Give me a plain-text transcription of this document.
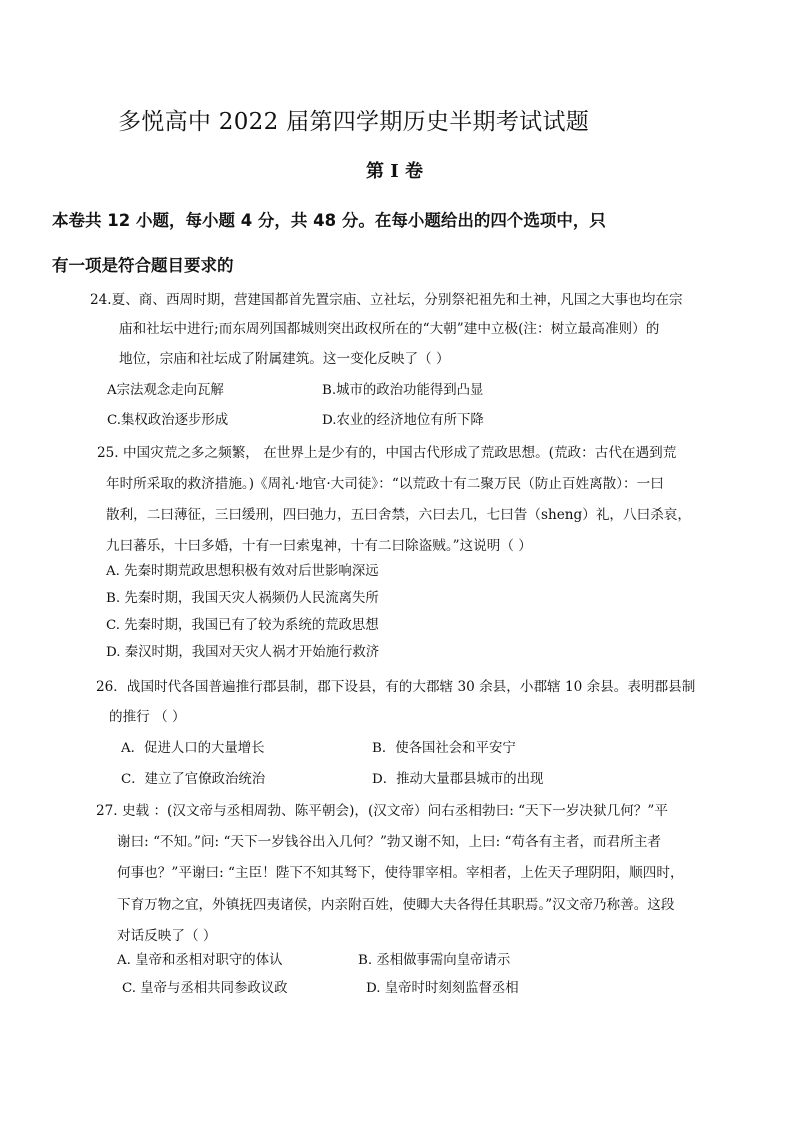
多悦高中 2022 届第四学期历史半期考试试题
第 I 卷
本卷共 12 小题，每小题 4 分，共 48 分。在每小题给出的四个选项中，只
有一项是符合题目要求的
24.夏、商、西周时期，营建国都首先置宗庙、立社坛，分别祭祀祖先和土神，凡国之大事也均在宗
庙和社坛中进行;而东周列国都城则突出政权所在的“大朝”建中立极(注：树立最高准则）的
地位，宗庙和社坛成了附属建筑。这一变化反映了（ ）
A宗法观念走向瓦解	B.城市的政治功能得到凸显
C.集权政治逐步形成	D.农业的经济地位有所下降
25. 中国灾荒之多之频繁， 在世界上是少有的，中国古代形成了荒政思想。(荒政：古代在遇到荒
年时所采取的救济措施。)《周礼·地官·大司徒》：“以荒政十有二聚万民（防止百姓离散）：一曰
散利，二曰薄征，三曰缓刑，四曰弛力，五曰舍禁，六曰去几，七曰眚（sheng）礼，八曰杀哀，
九曰蕃乐，十曰多婚，十有一曰索鬼神，十有二曰除盗贼。”这说明（ ）
A. 先秦时期荒政思想积极有效对后世影响深远
B. 先秦时期，我国天灾人祸频仍人民流离失所
C. 先秦时期，我国已有了较为系统的荒政思想
D. 秦汉时期，我国对天灾人祸才开始施行救济
26．战国时代各国普遍推行郡县制，郡下设县，有的大郡辖 30 余县，小郡辖 10 余县。表明郡县制
的推行 （ ）
A．促进人口的大量增长	B．使各国社会和平安宁
C．建立了官僚政治统治	D．推动大量郡县城市的出现
27. 史载 ：(汉文帝与丞相周勃、陈平朝会)，(汉文帝）问右丞相勃曰: “天下一岁决狱几何？”平
谢曰: “不知。”问: “天下一岁钱谷出入几何？”勃又谢不知，上曰: “苟各有主者，而君所主者
何事也？”平谢曰: “主臣！陛下不知其驽下，使待罪宰相。宰相者，上佐天子理阴阳，顺四时，
下育万物之宜，外镇抚四夷诸侯，内亲附百姓，使卿大夫各得任其职焉。”汉文帝乃称善。这段
对话反映了（ ）
A. 皇帝和丞相对职守的体认	B. 丞相做事需向皇帝请示
C. 皇帝与丞相共同参政议政	D. 皇帝时时刻刻监督丞相
